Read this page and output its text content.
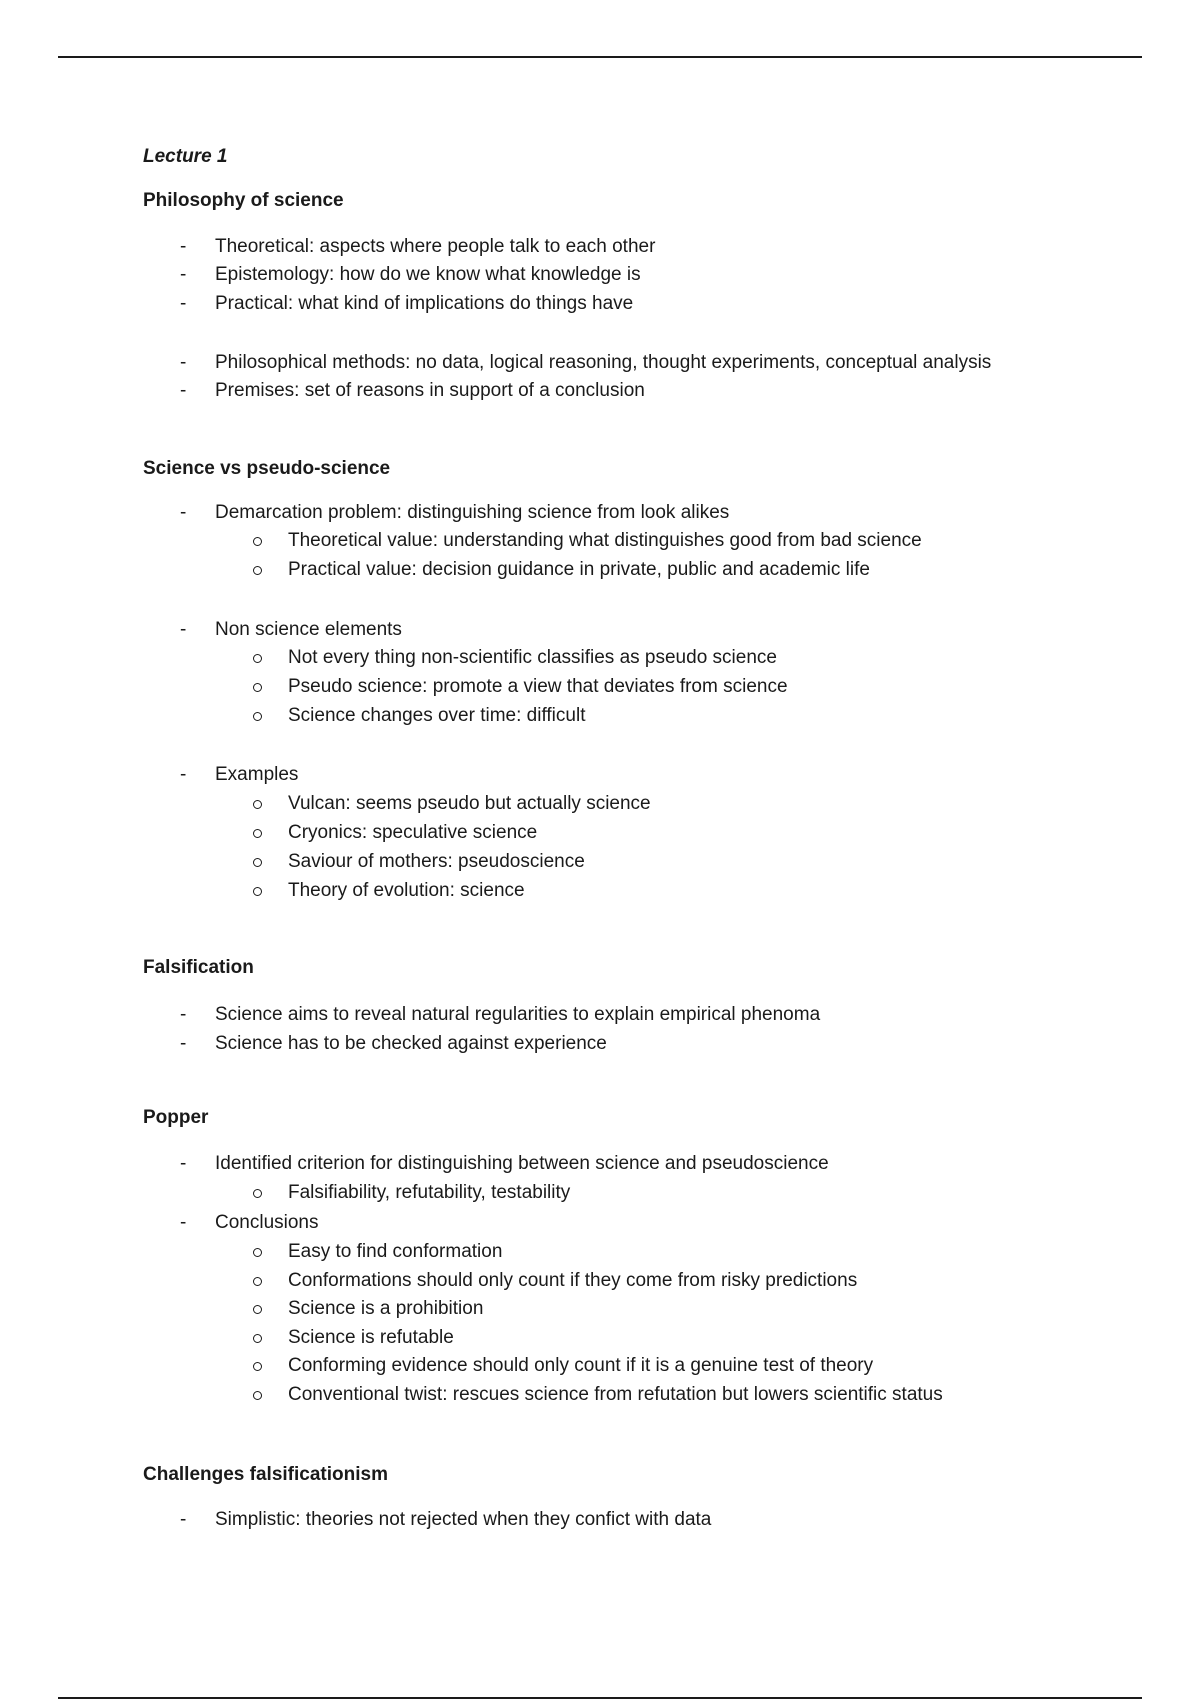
Lecture 1
Philosophy of science
- Theoretical: aspects where people talk to each other
- Epistemology: how do we know what knowledge is
- Practical: what kind of implications do things have
- Philosophical methods: no data, logical reasoning, thought experiments, conceptual analysis
- Premises: set of reasons in support of a conclusion
Science vs pseudo-science
- Demarcation problem: distinguishing science from look alikes
Theoretical value: understanding what distinguishes good from bad science
Practical value: decision guidance in private, public and academic life
- Non science elements
Not every thing non-scientific classifies as pseudo science
Pseudo science: promote a view that deviates from science
Science changes over time: difficult
- Examples
Vulcan: seems pseudo but actually science
Cryonics: speculative science
Saviour of mothers: pseudoscience
Theory of evolution: science
Falsification
- Science aims to reveal natural regularities to explain empirical phenoma
- Science has to be checked against experience
Popper
- Identified criterion for distinguishing between science and pseudoscience
Falsifiability, refutability, testability
- Conclusions
Easy to find conformation
Conformations should only count if they come from risky predictions
Science is a prohibition
Science is refutable
Conforming evidence should only count if it is a genuine test of theory
Conventional twist: rescues science from refutation but lowers scientific status
Challenges falsificationism
- Simplistic: theories not rejected when they confict with data
